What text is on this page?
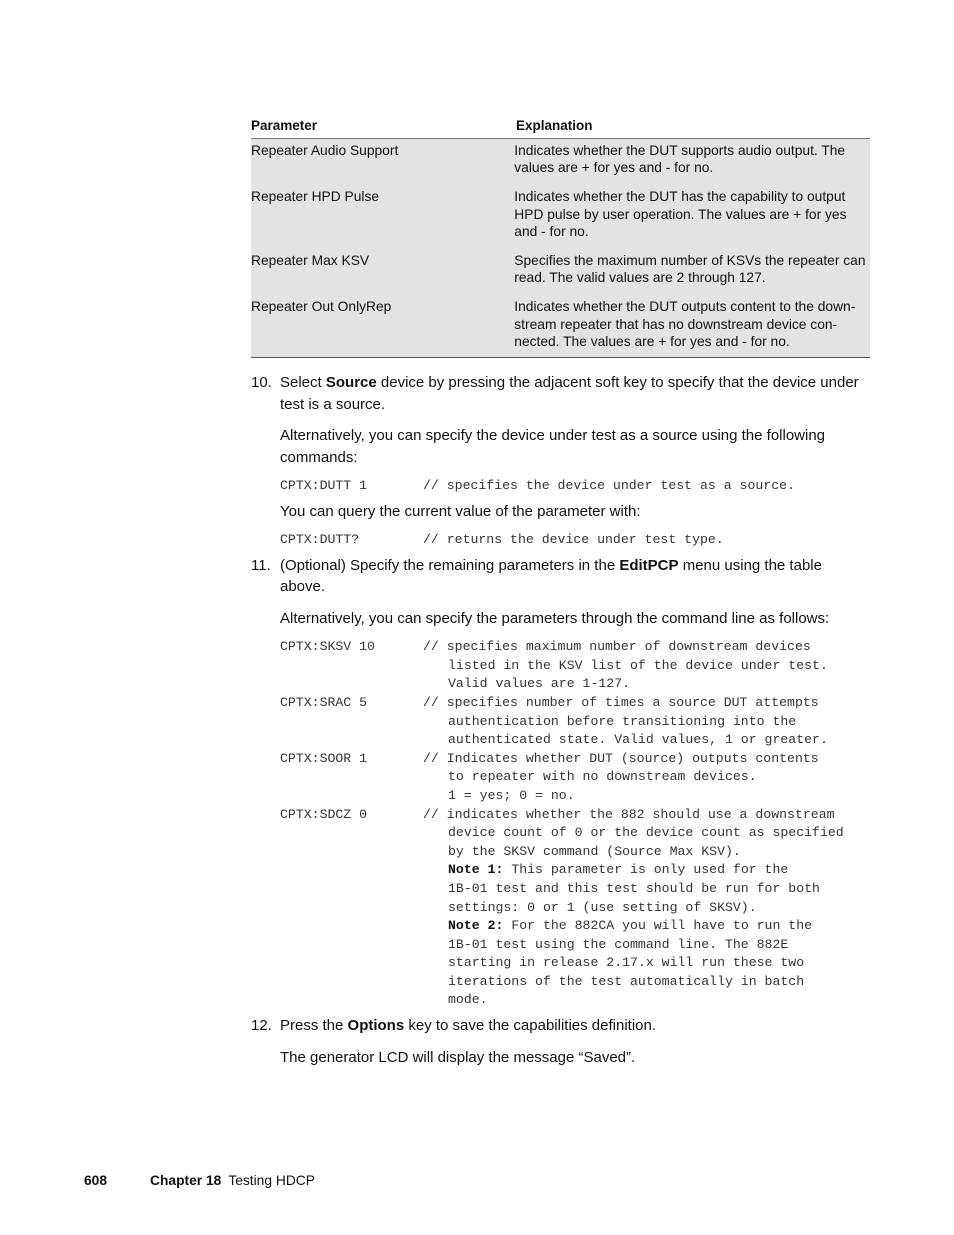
Parameter	Explanation
Repeater Audio Support	Indicates whether the DUT supports audio output. The values are + for yes and - for no.
Repeater HPD Pulse	Indicates whether the DUT has the capability to output HPD pulse by user operation. The values are + for yes and - for no.
Repeater Max KSV	Specifies the maximum number of KSVs the repeater can read. The valid values are 2 through 127.
Repeater Out OnlyRep	Indicates whether the DUT outputs content to the down-stream repeater that has no downstream device con-nected. The values are + for yes and - for no.
10. Select Source device by pressing the adjacent soft key to specify that the device under test is a source.

Alternatively, you can specify the device under test as a source using the following commands:

CPTX:DUTT 1	// specifies the device under test as a source.

You can query the current value of the parameter with:

CPTX:DUTT?	// returns the device under test type.
11. (Optional) Specify the remaining parameters in the EditPCP menu using the table above.

Alternatively, you can specify the parameters through the command line as follows:

CPTX:SKSV 10	// specifies maximum number of downstream devices
listed in the KSV list of the device under test.
Valid values are 1-127.
CPTX:SRAC 5	// specifies number of times a source DUT attempts
authentication before transitioning into the
authenticated state. Valid values, 1 or greater.
CPTX:SOOR 1	// Indicates whether DUT (source) outputs contents
to repeater with no downstream devices.
1 = yes; 0 = no.
CPTX:SDCZ 0	// indicates whether the 882 should use a downstream
device count of 0 or the device count as specified
by the SKSV command (Source Max KSV).
Note 1: This parameter is only used for the
1B-01 test and this test should be run for both
settings: 0 or 1 (use setting of SKSV).
Note 2: For the 882CA you will have to run the
1B-01 test using the command line. The 882E
starting in release 2.17.x will run these two
iterations of the test automatically in batch
mode.
12. Press the Options key to save the capabilities definition.

The generator LCD will display the message “Saved”.

608	Chapter 18 Testing HDCP
